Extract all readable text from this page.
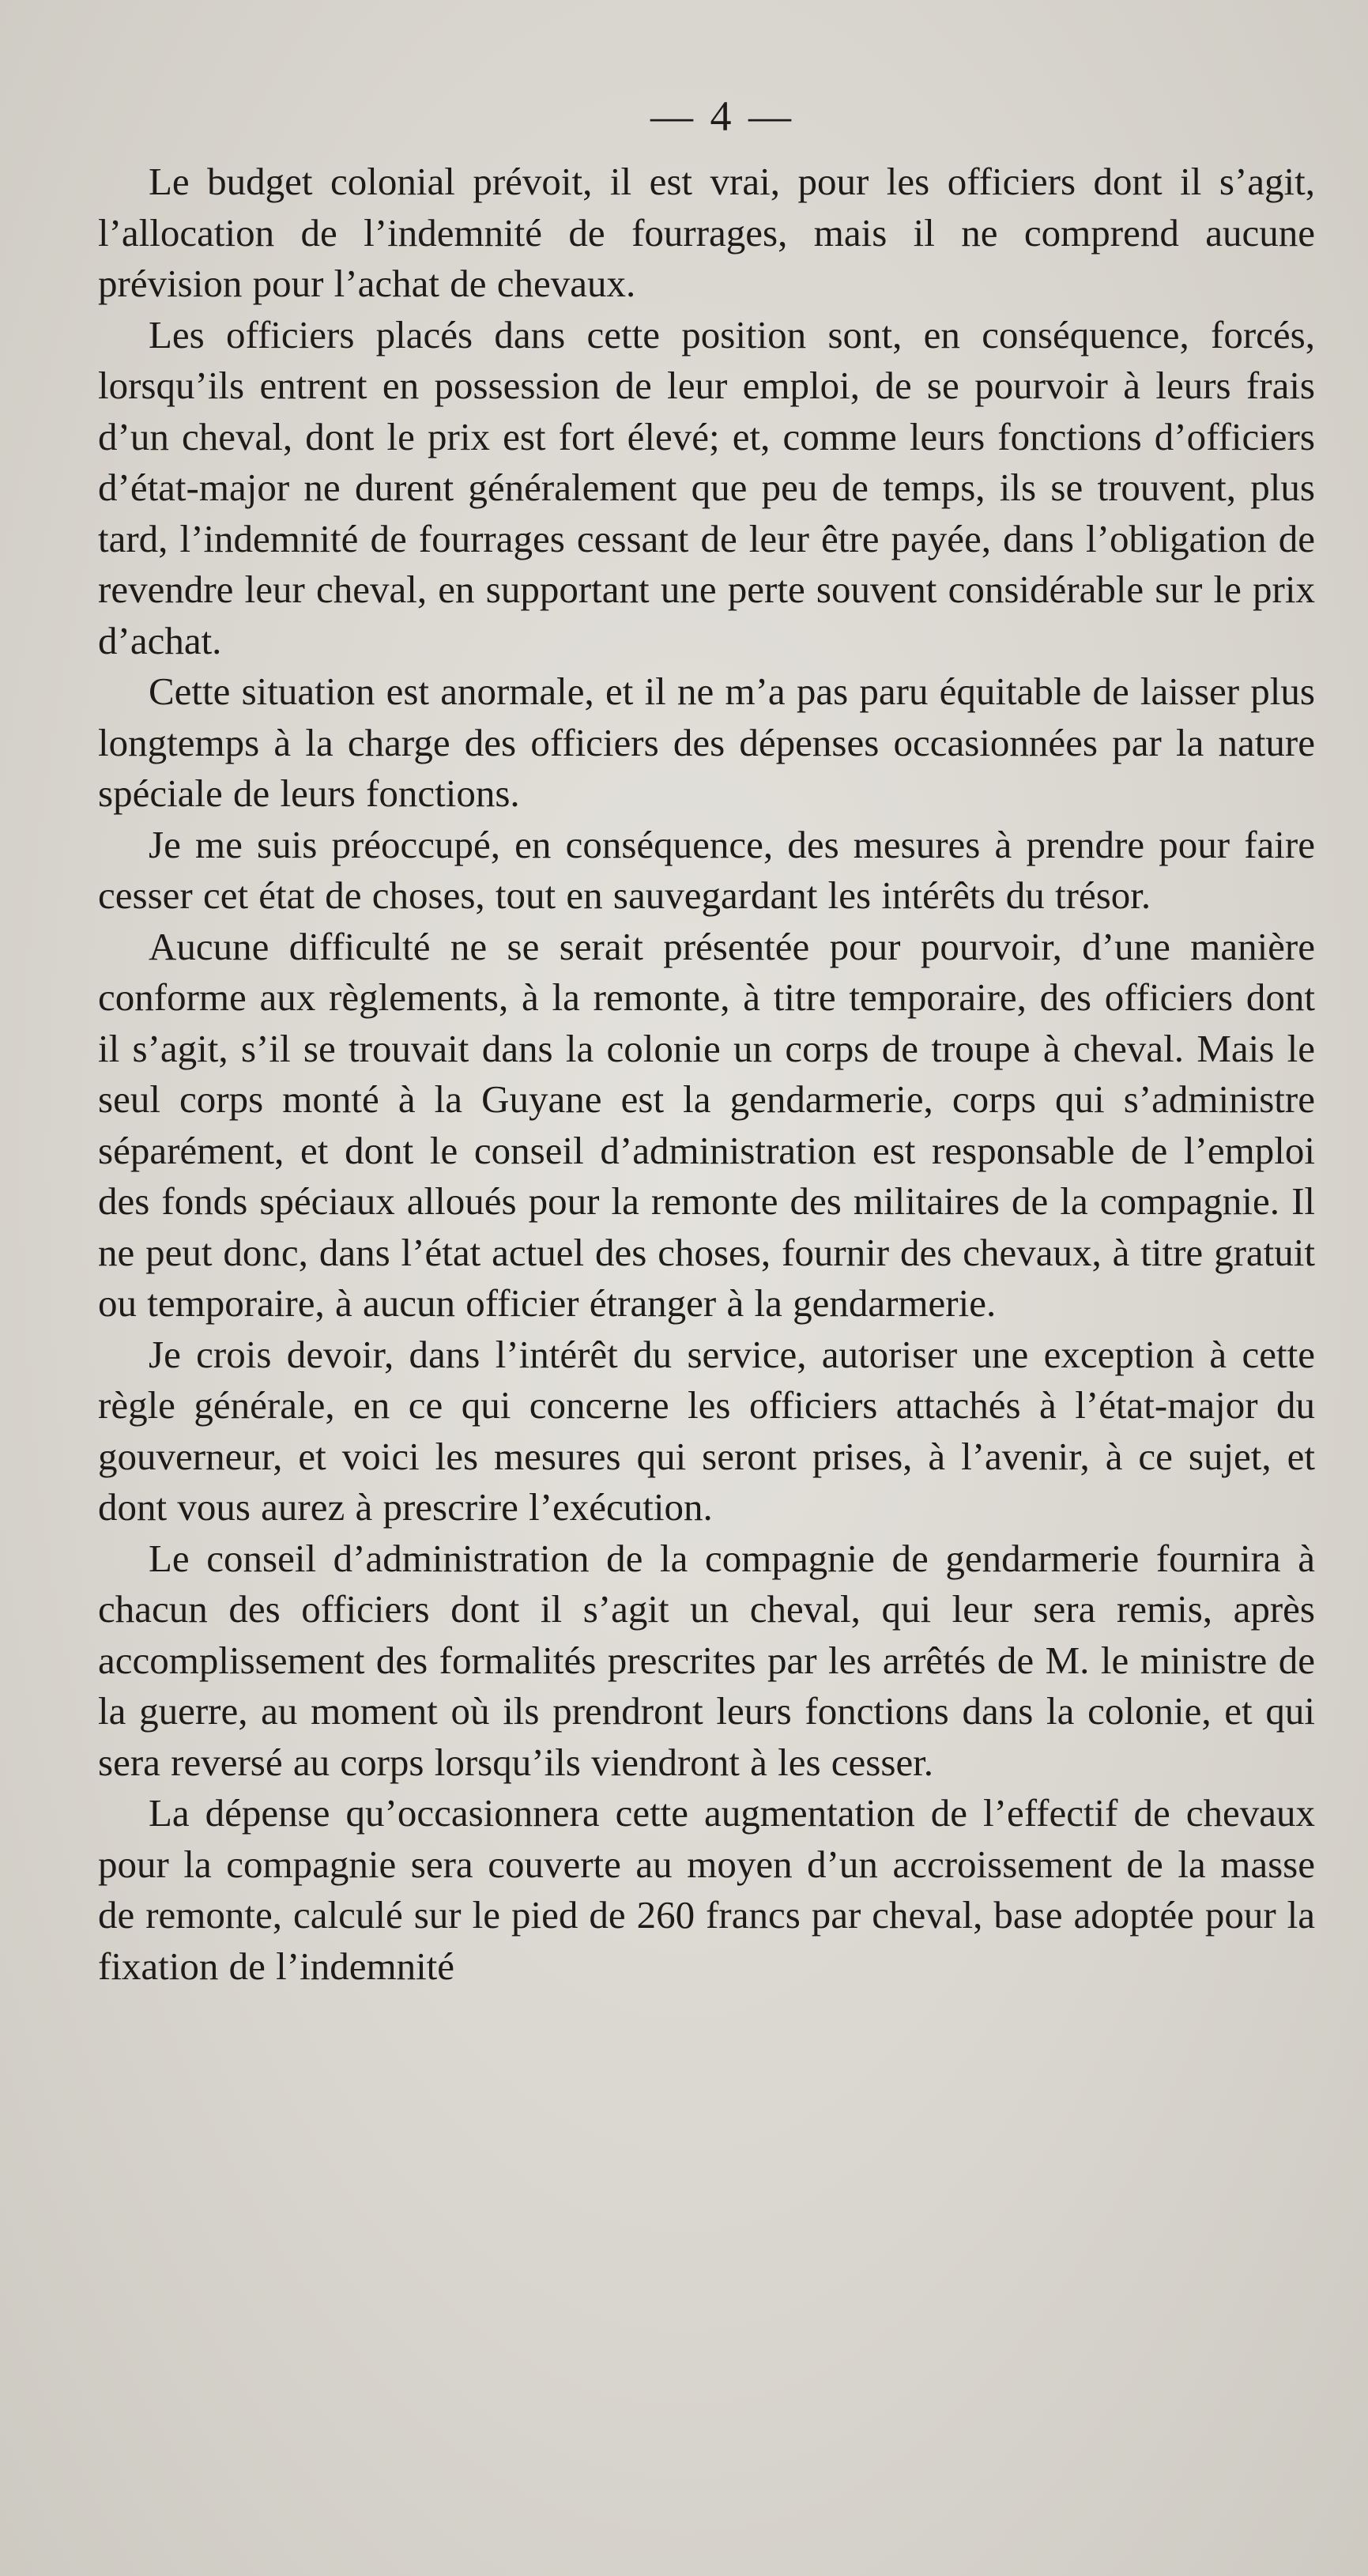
— 4 —

Le budget colonial prévoit, il est vrai, pour les officiers dont il s’agit, l’allocation de l’indemnité de fourrages, mais il ne comprend aucune prévision pour l’achat de chevaux.

Les officiers placés dans cette position sont, en conséquence, forcés, lorsqu’ils entrent en possession de leur emploi, de se pourvoir à leurs frais d’un cheval, dont le prix est fort élevé; et, comme leurs fonctions d’officiers d’état-major ne durent généralement que peu de temps, ils se trouvent, plus tard, l’indemnité de fourrages cessant de leur être payée, dans l’obligation de revendre leur cheval, en supportant une perte souvent considérable sur le prix d’achat.

Cette situation est anormale, et il ne m’a pas paru équitable de laisser plus longtemps à la charge des officiers des dépenses occasionnées par la nature spéciale de leurs fonctions.

Je me suis préoccupé, en conséquence, des mesures à prendre pour faire cesser cet état de choses, tout en sauvegardant les intérêts du trésor.

Aucune difficulté ne se serait présentée pour pourvoir, d’une manière conforme aux règlements, à la remonte, à titre temporaire, des officiers dont il s’agit, s’il se trouvait dans la colonie un corps de troupe à cheval. Mais le seul corps monté à la Guyane est la gendarmerie, corps qui s’administre séparément, et dont le conseil d’administration est responsable de l’emploi des fonds spéciaux alloués pour la remonte des militaires de la compagnie. Il ne peut donc, dans l’état actuel des choses, fournir des chevaux, à titre gratuit ou temporaire, à aucun officier étranger à la gendarmerie.

Je crois devoir, dans l’intérêt du service, autoriser une exception à cette règle générale, en ce qui concerne les officiers attachés à l’état-major du gouverneur, et voici les mesures qui seront prises, à l’avenir, à ce sujet, et dont vous aurez à prescrire l’exécution.

Le conseil d’administration de la compagnie de gendarmerie fournira à chacun des officiers dont il s’agit un cheval, qui leur sera remis, après accomplissement des formalités prescrites par les arrêtés de M. le ministre de la guerre, au moment où ils prendront leurs fonctions dans la colonie, et qui sera reversé au corps lorsqu’ils viendront à les cesser.

La dépense qu’occasionnera cette augmentation de l’effectif de chevaux pour la compagnie sera couverte au moyen d’un accroissement de la masse de remonte, calculé sur le pied de 260 francs par cheval, base adoptée pour la fixation de l’indemnité
